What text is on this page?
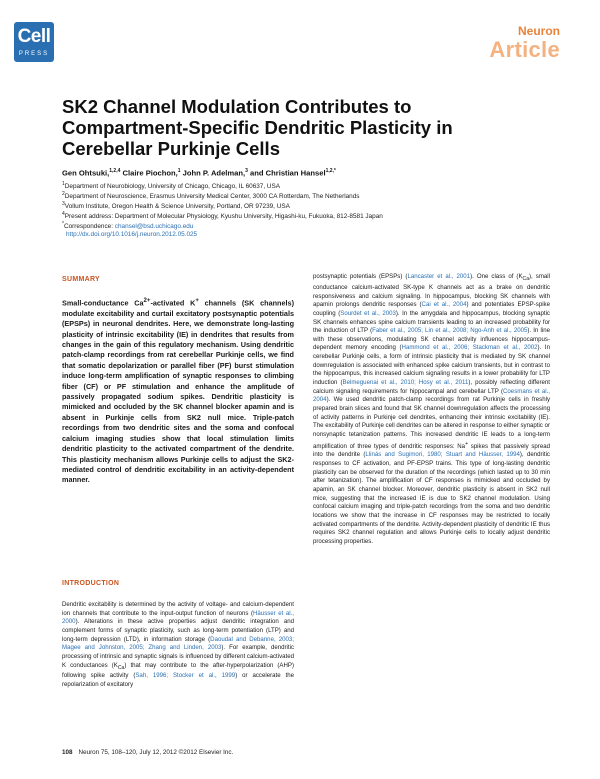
Cell
PRESS
Neuron
Article
SK2 Channel Modulation Contributes to Compartment-Specific Dendritic Plasticity in Cerebellar Purkinje Cells
Gen Ohtsuki,$^{1,2,4}$ Claire Piochon,$^1$ John P. Adelman,$^3$ and Christian Hansel$^{1,2,*}$
$^1$Department of Neurobiology, University of Chicago, Chicago, IL 60637, USA
$^2$Department of Neuroscience, Erasmus University Medical Center, 3000 CA Rotterdam, The Netherlands
$^3$Vollum Institute, Oregon Health & Science University, Portland, OR 97239, USA
$^4$Present address: Department of Molecular Physiology, Kyushu University, Higashi-ku, Fukuoka, 812-8581 Japan
*Correspondence: chansel@bsd.uchicago.edu
http://dx.doi.org/10.1016/j.neuron.2012.05.025
SUMMARY
Small-conductance $Ca^{2+}$-activated K+ channels (SK channels) modulate excitability and curtail excitatory postsynaptic potentials (EPSPs) in neuronal dendrites. Here, we demonstrate long-lasting plasticity of intrinsic excitability (IE) in dendrites that results from changes in the gain of this regulatory mechanism. Using dendritic patch-clamp recordings from rat cerebellar Purkinje cells, we find that somatic depolarization or parallel fiber (PF) burst stimulation induce long-term amplification of synaptic responses to climbing fiber (CF) or PF stimulation and enhance the amplitude of passively propagated sodium spikes. Dendritic plasticity is mimicked and occluded by the SK channel blocker apamin and is absent in Purkinje cells from SK2 null mice. Triple-patch recordings from two dendritic sites and the soma and confocal calcium imaging studies show that local stimulation limits dendritic plasticity to the activated compartment of the dendrite. This plasticity mechanism allows Purkinje cells to adjust the SK2-mediated control of dendritic excitability in an activity-dependent manner.
INTRODUCTION
Dendritic excitability is determined by the activity of voltage- and calcium-dependent ion channels that contribute to the input-output function of neurons (Häusser et al., 2000). Alterations in these active properties adjust dendritic integration and complement forms of synaptic plasticity, such as long-term potentiation (LTP) and long-term depression (LTD), in information storage (Daoudal and Debanne, 2003; Magee and Johnston, 2005; Zhang and Linden, 2003). For example, dendritic processing of intrinsic and synaptic signals is influenced by different calcium-activated K conductances $(K_{Ca})$ that may contribute to the after-hyperpolarization (AHP) following spike activity (Sah, 1996; Stocker et al., 1999) or accelerate the repolarization of excitatory
postsynaptic potentials (EPSPs) (Lancaster et al., 2001). One class of $(K_{Ca})$, small conductance calcium-activated SK-type K channels act as a brake on dendritic responsiveness and calcium signaling. In hippocampus, blocking SK channels with apamin prolongs dendritic responses (Cai et al., 2004) and potentiates EPSP-spike coupling (Sourdet et al., 2003). In the amygdala and hippocampus, blocking synaptic SK channels enhances spine calcium transients leading to an increased probability for the induction of LTP (Faber et al., 2005; Lin et al., 2008; Ngo-Anh et al., 2005). In line with these observations, modulating SK channel activity influences hippocampus-dependent memory encoding (Hammond et al., 2006; Stackman et al., 2002). In cerebellar Purkinje cells, a form of intrinsic plasticity that is mediated by SK channel downregulation is associated with enhanced spike calcium transients, but in contrast to the hippocampus, this increased calcium signaling results in a lower probability for LTP induction (Belmeguenai et al., 2010; Hosy et al., 2011), possibly reflecting different calcium signaling requirements for hippocampal and cerebellar LTP (Coesmans et al., 2004). We used dendritic patch-clamp recordings from rat Purkinje cells in freshly prepared brain slices and found that SK channel downregulation affects the processing of activity patterns in Purkinje cell dendrites, enhancing their intrinsic excitability (IE). The excitability of Purkinje cell dendrites can be altered in response to either synaptic or nonsynaptic tetanization patterns. This increased dendritic IE leads to a long-term amplification of three types of dendritic responses: Na+ spikes that passively spread into the dendrite (Llinás and Sugimori, 1980; Stuart and Häusser, 1994), dendritic responses to CF activation, and PF-EPSP trains. This type of long-lasting dendritic plasticity can be observed for the duration of the recordings (which lasted up to 30 min after tetanization). The amplification of CF responses is mimicked and occluded by apamin, an SK channel blocker. Moreover, dendritic plasticity is absent in SK2 null mice, suggesting that the increased IE is due to SK2 channel modulation. Using confocal calcium imaging and triple-patch recordings from the soma and two dendritic locations we show that the increase in CF responses may be restricted to locally activated compartments of the dendrite. Activity-dependent plasticity of dendritic IE thus requires SK2 channel regulation and allows Purkinje cells to locally adjust dendritic processing properties.
108 Neuron 75, 108–120, July 12, 2012 ©2012 Elsevier Inc.
